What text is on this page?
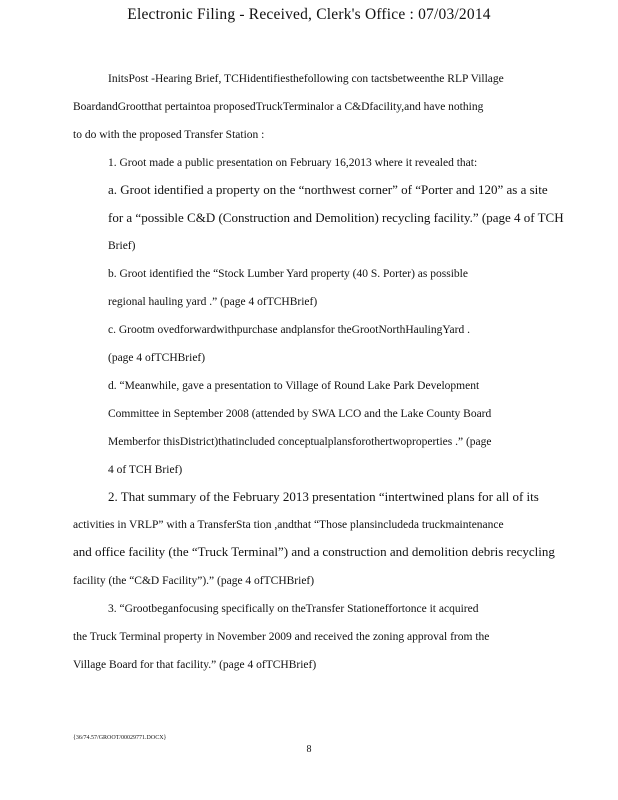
Electronic Filing - Received, Clerk's Office : 07/03/2014
InitsPost -Hearing Brief, TCHidentifiesthefollowing con tactsbetweenthe RLP Village
BoardandGrootthat pertaintoa proposedTruckTerminalor a C&Dfacility,and have nothing
to do with the proposed Transfer Station :
1. Groot made a public presentation on February 16,2013 where it revealed that:
a. Groot identified a property on the “northwest corner” of “Porter and 120” as a site
for a “possible C&D (Construction and Demolition) recycling facility.” (page 4 of TCH
Brief)
b. Groot identified the “Stock Lumber Yard property (40 S. Porter) as possible
regional hauling yard .” (page 4 ofTCHBrief)
c. Grootm ovedforwardwithpurchase andplansfor theGrootNorthHaulingYard .
(page 4 ofTCHBrief)
d. “Meanwhile, gave a presentation to Village of Round Lake Park Development
Committee in September 2008 (attended by SWA LCO and the Lake County Board
Memberfor thisDistrict)thatincluded conceptualplansforothertwoproperties .” (page
4 of TCH Brief)
2. That summary of the February 2013 presentation “intertwined plans for all of its
activities in VRLP” with a TransferSta tion ,andthat “Those plansincludeda truckmaintenance
and office facility (the “Truck Terminal”) and a construction and demolition debris recycling
facility (the “C&D Facility”).” (page 4 ofTCHBrief)
3. “Grootbeganfocusing specifically on theTransfer Stationeffortonce it acquired
the Truck Terminal property in November 2009 and received the zoning approval from the
Village Board for that facility.” (page 4 ofTCHBrief)
{36/74.57/GROOT/00029771.DOCX}
8
